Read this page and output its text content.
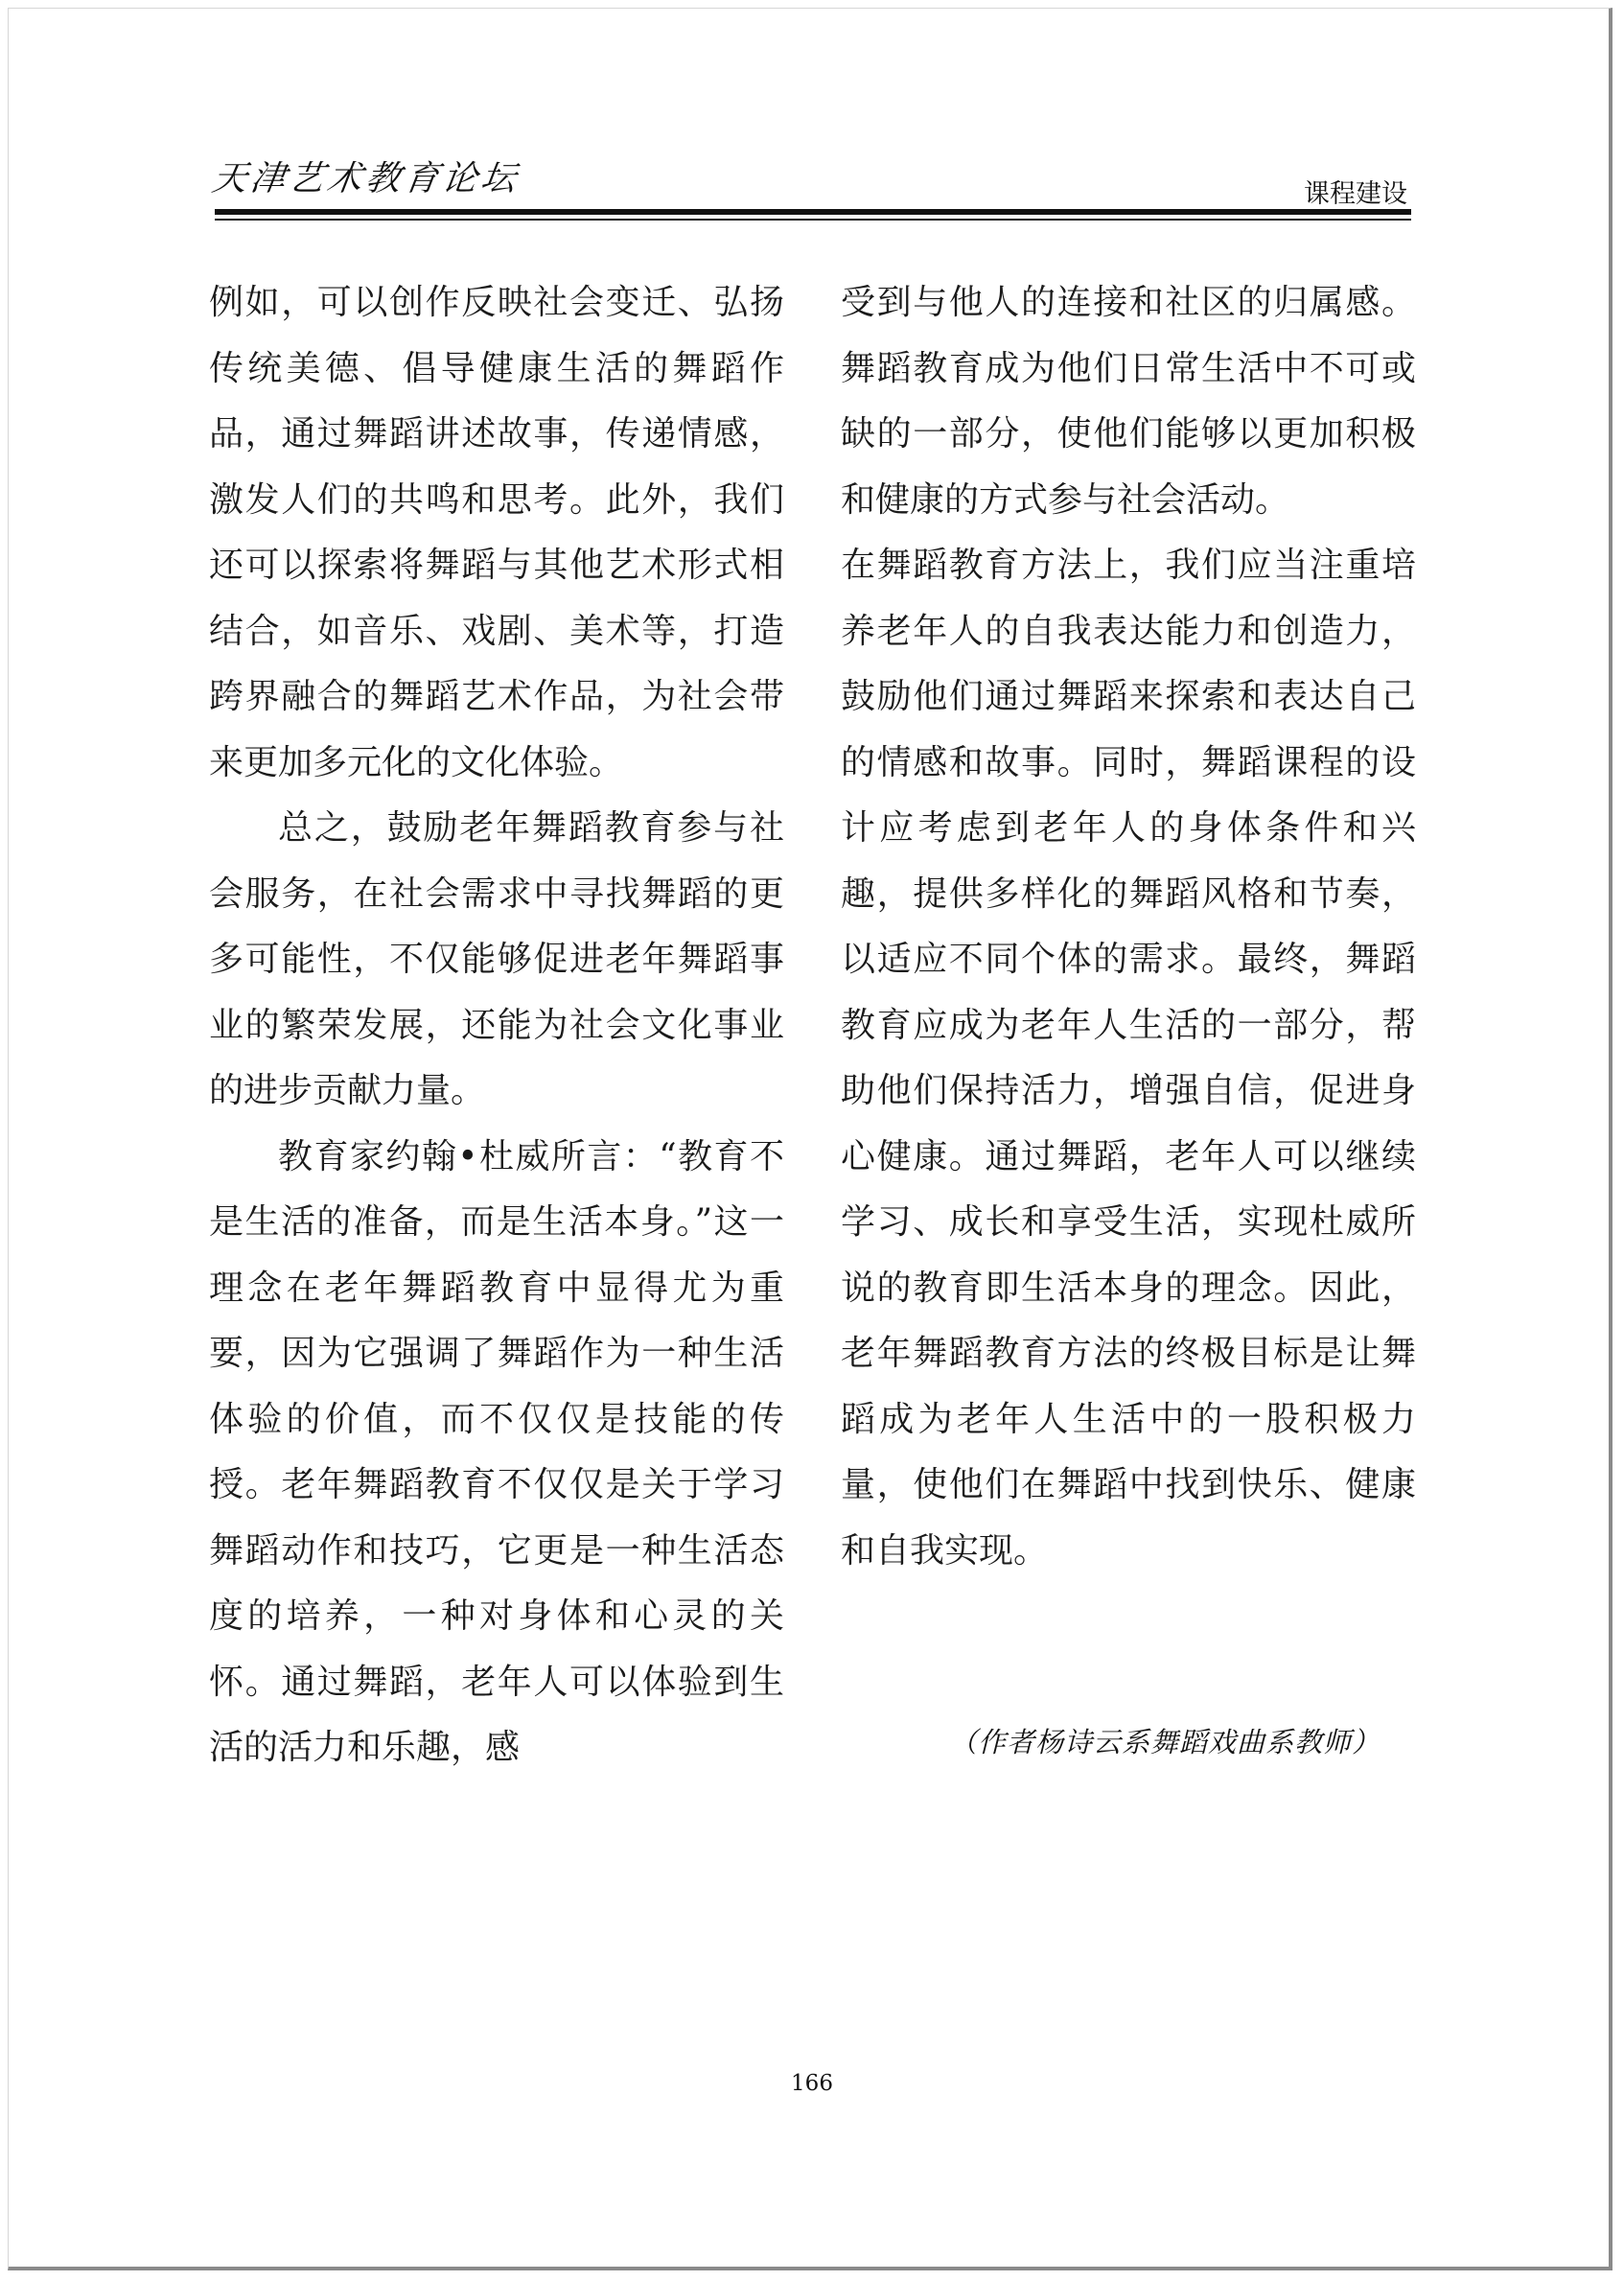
天津艺术教育论坛	课程建设

例如，可以创作反映社会变迁、弘扬传统美德、倡导健康生活的舞蹈作品，通过舞蹈讲述故事，传递情感，激发人们的共鸣和思考。此外，我们还可以探索将舞蹈与其他艺术形式相结合，如音乐、戏剧、美术等，打造跨界融合的舞蹈艺术作品，为社会带来更加多元化的文化体验。

总之，鼓励老年舞蹈教育参与社会服务，在社会需求中寻找舞蹈的更多可能性，不仅能够促进老年舞蹈事业的繁荣发展，还能为社会文化事业的进步贡献力量。

教育家约翰•杜威所言：“教育不是生活的准备，而是生活本身。”这一理念在老年舞蹈教育中显得尤为重要，因为它强调了舞蹈作为一种生活体验的价值，而不仅仅是技能的传授。老年舞蹈教育不仅仅是关于学习舞蹈动作和技巧，它更是一种生活态度的培养，一种对身体和心灵的关怀。通过舞蹈，老年人可以体验到生活的活力和乐趣，感

受到与他人的连接和社区的归属感。舞蹈教育成为他们日常生活中不可或缺的一部分，使他们能够以更加积极和健康的方式参与社会活动。

在舞蹈教育方法上，我们应当注重培养老年人的自我表达能力和创造力，鼓励他们通过舞蹈来探索和表达自己的情感和故事。同时，舞蹈课程的设计应考虑到老年人的身体条件和兴趣，提供多样化的舞蹈风格和节奏，以适应不同个体的需求。最终，舞蹈教育应成为老年人生活的一部分，帮助他们保持活力，增强自信，促进身心健康。通过舞蹈，老年人可以继续学习、成长和享受生活，实现杜威所说的教育即生活本身的理念。因此，老年舞蹈教育方法的终极目标是让舞蹈成为老年人生活中的一股积极力量，使他们在舞蹈中找到快乐、健康和自我实现。

（作者杨诗云系舞蹈戏曲系教师）
166
